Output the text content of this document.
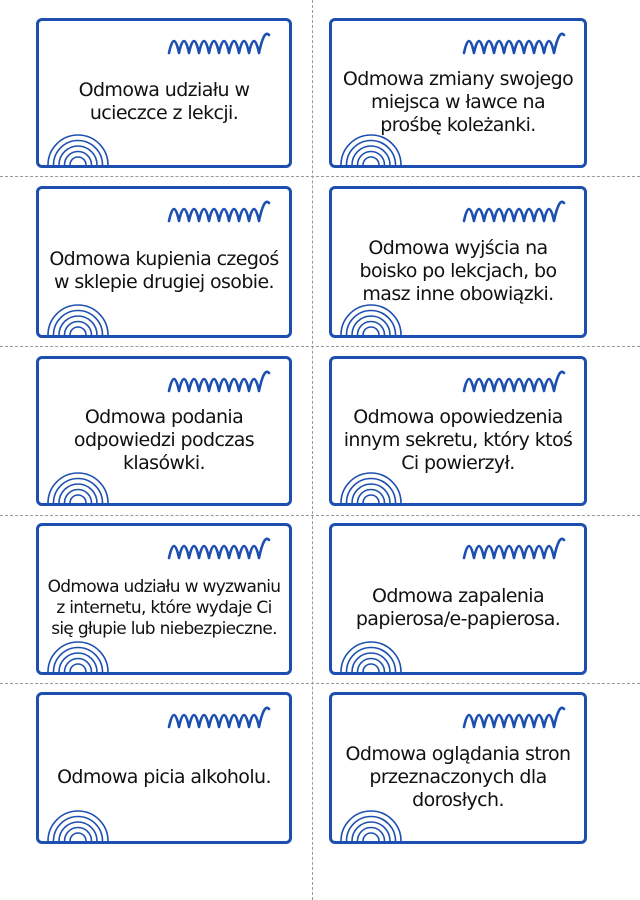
Odmowa udziału w ucieczce z lekcji.
Odmowa zmiany swojego miejsca w ławce na prośbę koleżanki.
Odmowa kupienia czegoś w sklepie drugiej osobie.
Odmowa wyjścia na boisko po lekcjach, bo masz inne obowiązki.
Odmowa podania odpowiedzi podczas klasówki.
Odmowa opowiedzenia innym sekretu, który ktoś Ci powierzył.
Odmowa udziału w wyzwaniu z internetu, które wydaje Ci się głupie lub niebezpieczne.
Odmowa zapalenia papierosa/e-papierosa.
Odmowa picia alkoholu.
Odmowa oglądania stron przeznaczonych dla dorosłych.
